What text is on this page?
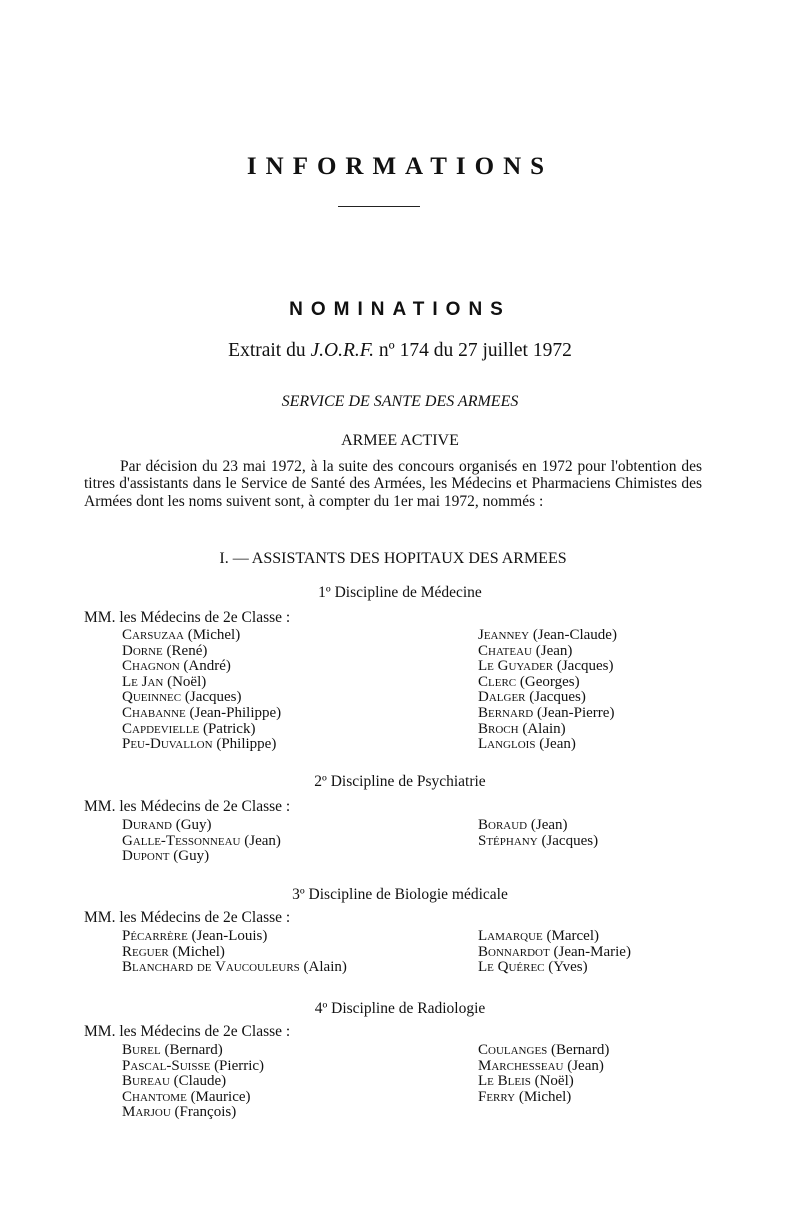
INFORMATIONS
NOMINATIONS
Extrait du J.O.R.F. nº 174 du 27 juillet 1972
SERVICE DE SANTE DES ARMEES
ARMEE ACTIVE
Par décision du 23 mai 1972, à la suite des concours organisés en 1972 pour l'obtention des titres d'assistants dans le Service de Santé des Armées, les Médecins et Pharmaciens Chimistes des Armées dont les noms suivent sont, à compter du 1er mai 1972, nommés :
I. — ASSISTANTS DES HOPITAUX DES ARMEES
1º Discipline de Médecine
MM. les Médecins de 2e Classe :
Carsuzaa (Michel)
Dorne (René)
Chagnon (André)
Le Jan (Noël)
Queinnec (Jacques)
Chabanne (Jean-Philippe)
Capdevielle (Patrick)
Peu-Duvallon (Philippe)
Jeanney (Jean-Claude)
Chateau (Jean)
Le Guyader (Jacques)
Clerc (Georges)
Dalger (Jacques)
Bernard (Jean-Pierre)
Broch (Alain)
Langlois (Jean)
2º Discipline de Psychiatrie
MM. les Médecins de 2e Classe :
Durand (Guy)
Galle-Tessonneau (Jean)
Dupont (Guy)
Boraud (Jean)
Stéphany (Jacques)
3º Discipline de Biologie médicale
MM. les Médecins de 2e Classe :
Pécarrère (Jean-Louis)
Reguer (Michel)
Blanchard de Vaucouleurs (Alain)
Lamarque (Marcel)
Bonnardot (Jean-Marie)
Le Quérec (Yves)
4º Discipline de Radiologie
MM. les Médecins de 2e Classe :
Burel (Bernard)
Pascal-Suisse (Pierric)
Bureau (Claude)
Chantome (Maurice)
Marjou (François)
Coulanges (Bernard)
Marchesseau (Jean)
Le Bleis (Noël)
Ferry (Michel)
